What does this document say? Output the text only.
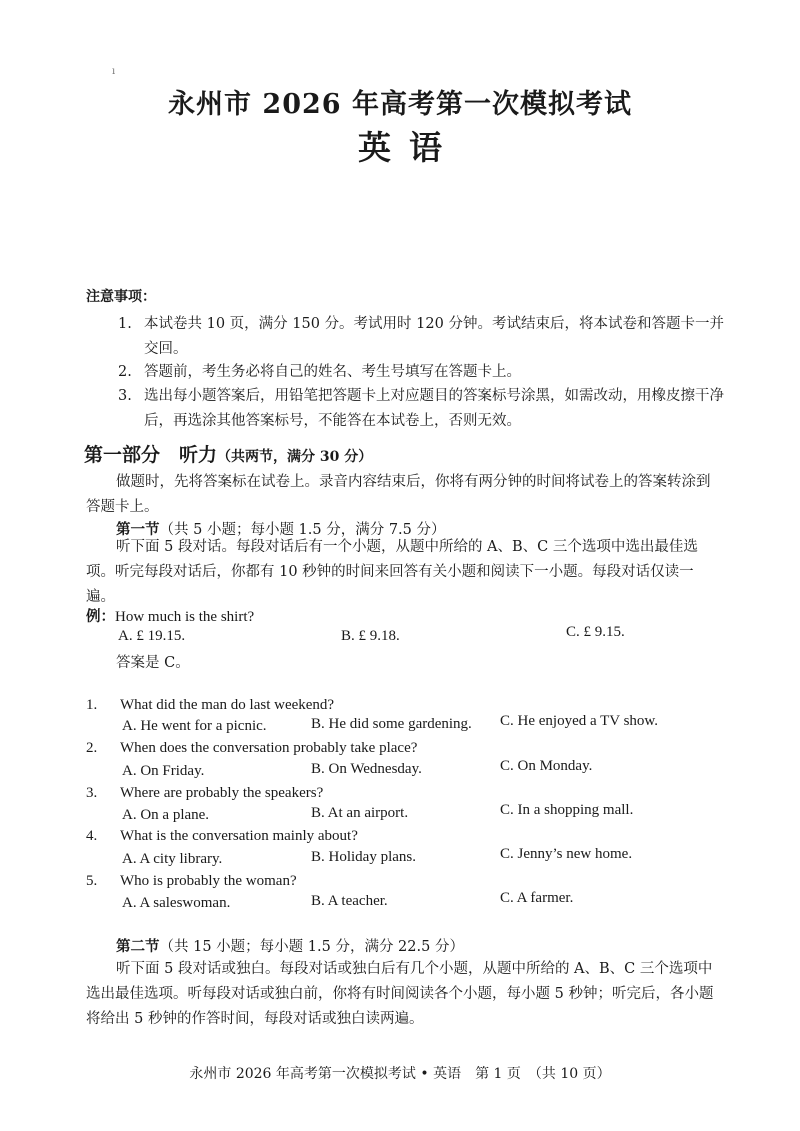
ı
永州市 2026 年高考第一次模拟考试
英语
注意事项：
1. 本试卷共 10 页，满分 150 分。考试用时 120 分钟。考试结束后，将本试卷和答题卡一并交回。
2. 答题前，考生务必将自己的姓名、考生号填写在答题卡上。
3. 选出每小题答案后，用铅笔把答题卡上对应题目的答案标号涂黑，如需改动，用橡皮擦干净后，再选涂其他答案标号，不能答在本试卷上，否则无效。
第一部分　听力（共两节，满分 30 分）
做题时，先将答案标在试卷上。录音内容结束后，你将有两分钟的时间将试卷上的答案转涂到答题卡上。
第一节（共 5 小题；每小题 1.5 分，满分 7.5 分）
听下面 5 段对话。每段对话后有一个小题，从题中所给的 A、B、C 三个选项中选出最佳选项。听完每段对话后，你都有 10 秒钟的时间来回答有关小题和阅读下一小题。每段对话仅读一遍。
例：How much is the shirt?
A. £ 19.15.	B. £ 9.18.	C. £ 9.15.
答案是 C。
1. What did the man do last weekend?
A. He went for a picnic.	B. He did some gardening. C. He enjoyed a TV show.
2. When does the conversation probably take place?
A. On Friday.	B. On Wednesday.	C. On Monday.
3. Where are probably the speakers?
A. On a plane.	B. At an airport.	C. In a shopping mall.
4. What is the conversation mainly about?
A. A city library.	B. Holiday plans.	C. Jenny’s new home.
5. Who is probably the woman?
A. A saleswoman.	B. A teacher.	C. A farmer.
第二节（共 15 小题；每小题 1.5 分，满分 22.5 分）
听下面 5 段对话或独白。每段对话或独白后有几个小题，从题中所给的 A、B、C 三个选项中选出最佳选项。听每段对话或独白前，你将有时间阅读各个小题，每小题 5 秒钟；听完后，各小题将给出 5 秒钟的作答时间，每段对话或独白读两遍。
永州市 2026 年高考第一次模拟考试 • 英语　第 1 页　（共 10 页）
